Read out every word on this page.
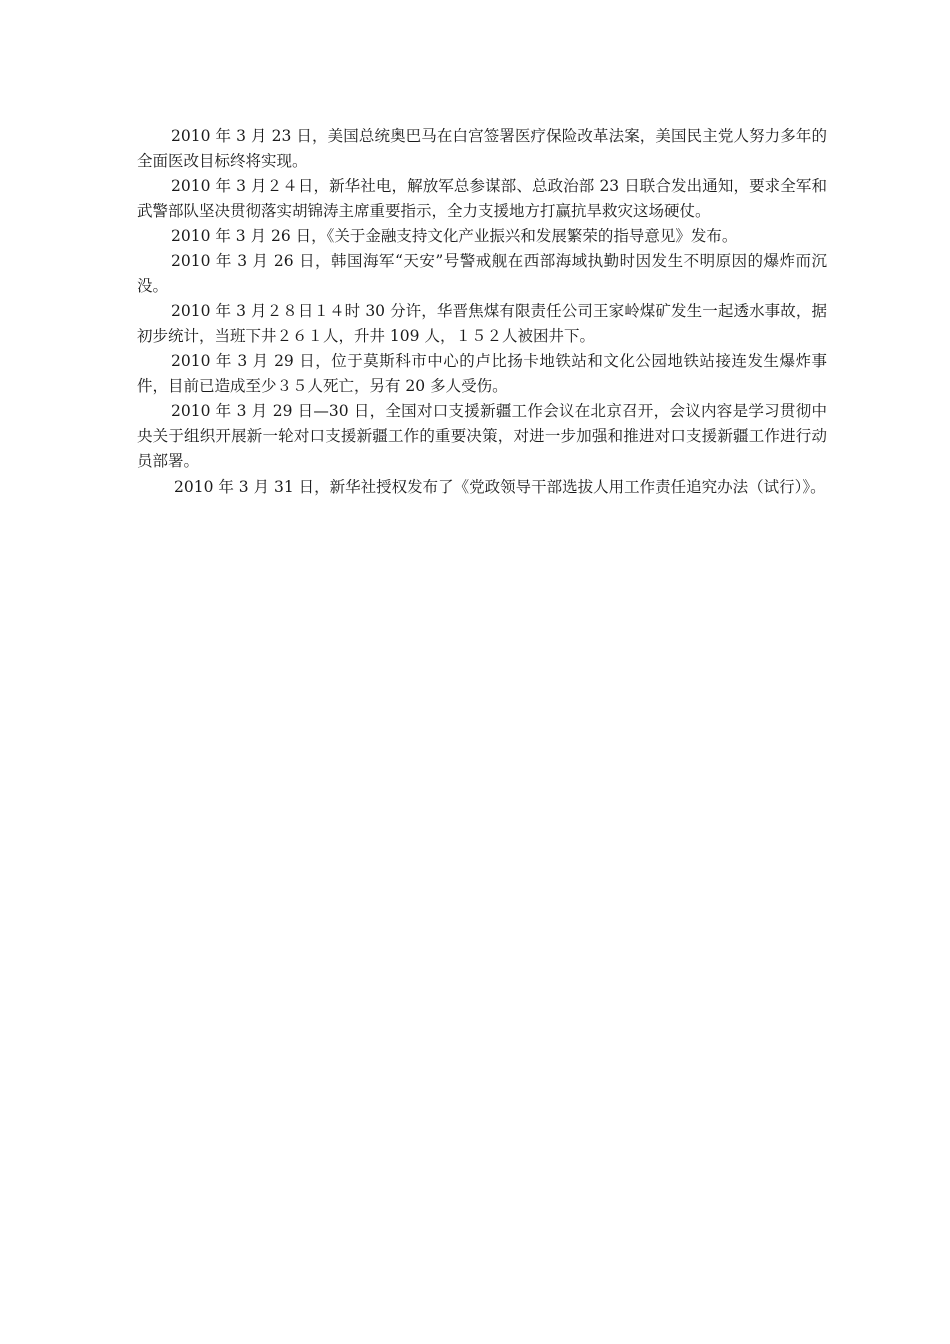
2010 年 3 月 23 日，美国总统奥巴马在白宫签署医疗保险改革法案，美国民主党人努力多年的全面医改目标终将实现。

2010 年 3 月２４日，新华社电，解放军总参谋部、总政治部 23 日联合发出通知，要求全军和武警部队坚决贯彻落实胡锦涛主席重要指示，全力支援地方打赢抗旱救灾这场硬仗。

2010 年 3 月 26 日，《关于金融支持文化产业振兴和发展繁荣的指导意见》发布。

2010 年 3 月 26 日，韩国海军“天安”号警戒舰在西部海域执勤时因发生不明原因的爆炸而沉没。

2010 年 3 月２８日１４时 30 分许，华晋焦煤有限责任公司王家岭煤矿发生一起透水事故，据初步统计，当班下井２６１人，升井 109 人，１５２人被困井下。

2010 年 3 月 29 日，位于莫斯科市中心的卢比扬卡地铁站和文化公园地铁站接连发生爆炸事件，目前已造成至少３５人死亡，另有 20 多人受伤。

2010 年 3 月 29 日—30 日，全国对口支援新疆工作会议在北京召开，会议内容是学习贯彻中央关于组织开展新一轮对口支援新疆工作的重要决策，对进一步加强和推进对口支援新疆工作进行动员部署。

2010 年 3 月 31 日，新华社授权发布了《党政领导干部选拔人用工作责任追究办法（试行）》。
